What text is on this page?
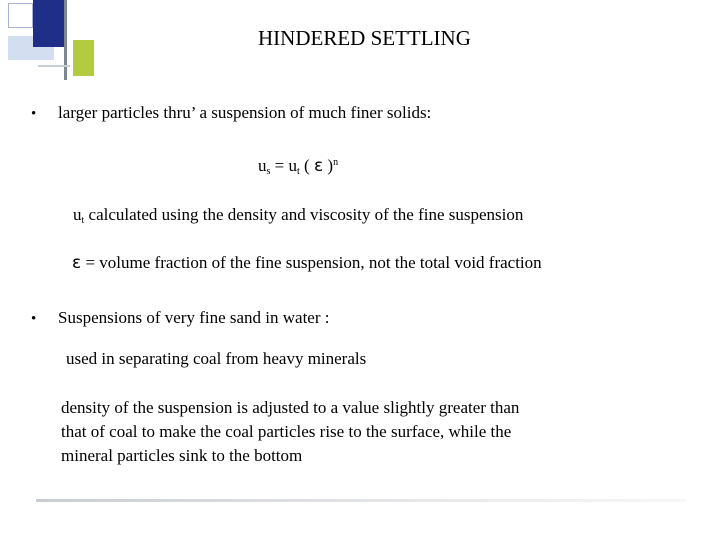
HINDERED SETTLING
• larger particles thru’ a suspension of much finer solids:
$u_s = u_t$ ( ε )$^n$
$u_t$ calculated using the density and viscosity of the fine suspension
ε = volume fraction of the fine suspension, not the total void fraction
• Suspensions of very fine sand in water :
used in separating coal from heavy minerals
density of the suspension is adjusted to a value slightly greater than
that of coal to make the coal particles rise to the surface, while the
mineral particles sink to the bottom
